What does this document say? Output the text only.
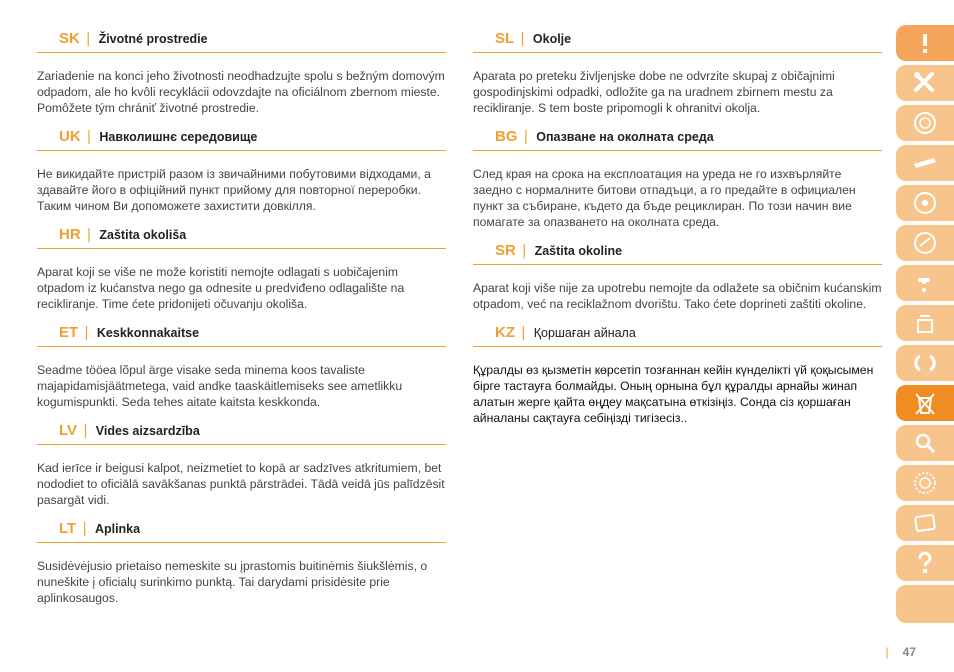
SK | Životné prostredie
Zariadenie na konci jeho životnosti neodhadzujte spolu s bežným domovým odpadom, ale ho kvôli recyklácii odovzdajte na oficiálnom zbernom mieste. Pomôžete tým chrániť životné prostredie.
UK | Навколишнє середовище
Не викидайте пристрій разом із звичайними побутовими відходами, а здавайте його в офіційний пункт прийому для повторної переробки. Таким чином Ви допоможете захистити довкілля.
HR | Zaštita okoliša
Aparat koji se više ne može koristiti nemojte odlagati s uobičajenim otpadom iz kućanstva nego ga odnesite u predviđeno odlagalište na recikliranje. Time ćete pridonijeti očuvanju okoliša.
ET | Keskkonnakaitse
Seadme tööea lõpul ärge visake seda minema koos tavaliste majapidamisjäätmetega, vaid andke taaskäitlemiseks see ametlikku kogumispunkti. Seda tehes aitate kaitsta keskkonda.
LV | Vides aizsardzība
Kad ierīce ir beigusi kalpot, neizmetiet to kopā ar sadzīves atkritumiem, bet nododiet to oficiālā savākšanas punktā pārstrādei. Tādā veidā jūs palīdzēsit pasargāt vidi.
LT | Aplinka
Susidėvėjusio prietaiso nemeskite su įprastomis buitinėmis šiukšlėmis, o nuneškite į oficialų surinkimo punktą. Tai darydami prisidėsite prie aplinkosaugos.
SL | Okolje
Aparata po preteku življenjske dobe ne odvrzite skupaj z običajnimi gospodinjskimi odpadki, odložite ga na uradnem zbirnem mestu za recikliranje. S tem boste pripomogli k ohranitvi okolja.
BG | Опазване на околната среда
След края на срока на експлоатация на уреда не го изхвърляйте заедно с нормалните битови отпадъци, а го предайте в официален пункт за събиране, където да бъде рециклиран. По този начин вие помагате за опазването на околната среда.
SR | Zaštita okoline
Aparat koji više nije za upotrebu nemojte da odlažete sa običnim kućanskim otpadom, već na reciklažnom dvorištu. Tako ćete doprineti zaštiti okoline.
KZ | Қоршаған айнала
Құралды өз қызметін көрсетіп тозғаннан кейін күнделікті үй қоқысымен бірге тастауға болмайды. Оның орнына бұл құралды арнайы жинап алатын жерге қайта өңдеу мақсатына өткізіңіз. Сонда сіз қоршаған айналаны сақтауға себіңізді тигізесіз..
| 47
